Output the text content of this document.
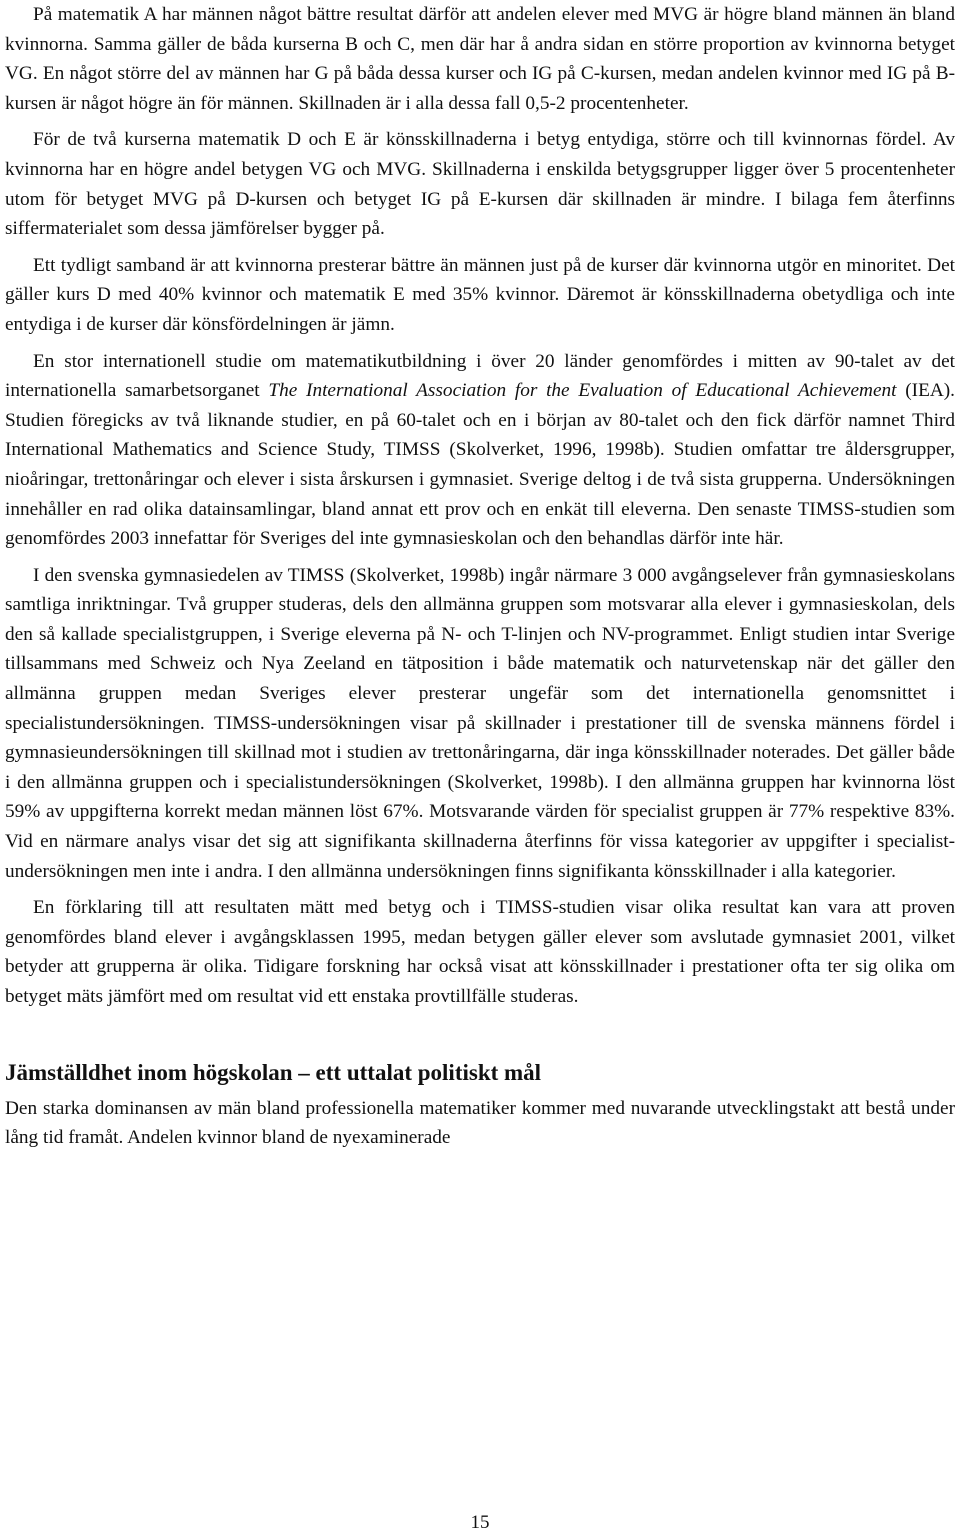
På matematik A har männen något bättre resultat därför att andelen elever med MVG är högre bland männen än bland kvinnorna. Samma gäller de båda kurserna B och C, men där har å andra sidan en större proportion av kvinnorna betyget VG. En något större del av männen har G på båda dessa kurser och IG på C-kursen, medan andelen kvinnor med IG på B-kursen är något högre än för männen. Skillnaden är i alla dessa fall 0,5-2 procentenheter.

För de två kurserna matematik D och E är könsskillnaderna i betyg entydiga, större och till kvinnornas fördel. Av kvinnorna har en högre andel betygen VG och MVG. Skillnaderna i enskilda betygsgrupper ligger över 5 procentenheter utom för betyget MVG på D-kursen och betyget IG på E-kursen där skillnaden är mindre. I bilaga fem återfinns siffermaterialet som dessa jämförelser bygger på.

Ett tydligt samband är att kvinnorna presterar bättre än männen just på de kurser där kvinnorna utgör en minoritet. Det gäller kurs D med 40% kvinnor och matematik E med 35% kvinnor. Däremot är könsskillnaderna obetydliga och inte entydiga i de kurser där könsfördelningen är jämn.

En stor internationell studie om matematikutbildning i över 20 länder genomfördes i mitten av 90-talet av det internationella samarbetsorganet The International Association for the Evaluation of Educational Achievement (IEA). Studien föregicks av två liknande studier, en på 60-talet och en i början av 80-talet och den fick därför namnet Third International Mathematics and Science Study, TIMSS (Skolverket, 1996, 1998b). Studien omfattar tre åldersgrupper, nioåringar, trettonåringar och elever i sista årskursen i gymnasiet. Sverige deltog i de två sista grupperna. Undersökningen innehåller en rad olika datainsamlingar, bland annat ett prov och en enkät till eleverna. Den senaste TIMSS-studien som genomfördes 2003 innefattar för Sveriges del inte gymnasieskolan och den behandlas därför inte här.

I den svenska gymnasiedelen av TIMSS (Skolverket, 1998b) ingår närmare 3 000 avgångselever från gymnasieskolans samtliga inriktningar. Två grupper studeras, dels den allmänna gruppen som motsvarar alla elever i gymnasieskolan, dels den så kallade specialistgruppen, i Sverige eleverna på N- och T-linjen och NV-programmet. Enligt studien intar Sverige tillsammans med Schweiz och Nya Zeeland en tätposition i både matematik och naturvetenskap när det gäller den allmänna gruppen medan Sveriges elever presterar ungefär som det internationella genomsnittet i specialistundersökningen. TIMSS-undersökningen visar på skillnader i prestationer till de svenska männens fördel i gymnasieundersökningen till skillnad mot i studien av trettonåringarna, där inga könsskillnader noterades. Det gäller både i den allmänna gruppen och i specialistundersökningen (Skolverket, 1998b). I den allmänna gruppen har kvinnorna löst 59% av uppgifterna korrekt medan männen löst 67%. Motsvarande värden för specialist gruppen är 77% respektive 83%. Vid en närmare analys visar det sig att signifikanta skillnaderna återfinns för vissa kategorier av uppgifter i specialist-undersökningen men inte i andra. I den allmänna undersökningen finns signifikanta könsskillnader i alla kategorier.

En förklaring till att resultaten mätt med betyg och i TIMSS-studien visar olika resultat kan vara att proven genomfördes bland elever i avgångsklassen 1995, medan betygen gäller elever som avslutade gymnasiet 2001, vilket betyder att grupperna är olika. Tidigare forskning har också visat att könsskillnader i prestationer ofta ter sig olika om betyget mäts jämfört med om resultat vid ett enstaka provtillfälle studeras.

Jämställdhet inom högskolan – ett uttalat politiskt mål

Den starka dominansen av män bland professionella matematiker kommer med nuvarande utvecklingstakt att bestå under lång tid framåt. Andelen kvinnor bland de nyexaminerade

15
